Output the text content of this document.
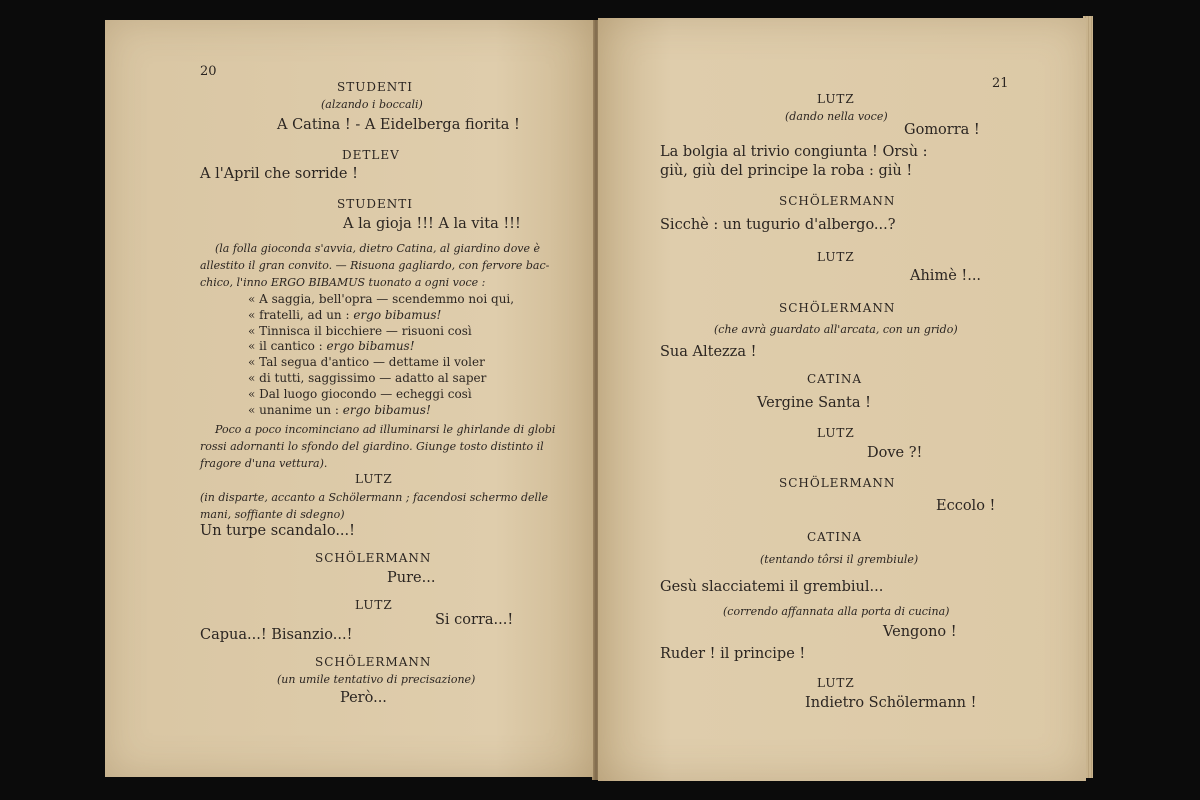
20
STUDENTI
(alzando i boccali)
A Catina ! - A Eidelberga fiorita !
DETLEV
A l'April che sorride !
STUDENTI
A la gioja !!! A la vita !!!
(la folla gioconda s'avvia, dietro Catina, al giardino dove è
allestito il gran convito. — Risuona gagliardo, con fervore bac-
chico, l'inno ERGO BIBAMUS tuonato a ogni voce :
« A saggia, bell'opra — scendemmo noi qui,
« fratelli, ad un : ergo bibamus!
« Tinnisca il bicchiere — risuoni così
« il cantico : ergo bibamus!
« Tal segua d'antico — dettame il voler
« di tutti, saggissimo — adatto al saper
« Dal luogo giocondo — echeggi così
« unanime un : ergo bibamus!
Poco a poco incominciano ad illuminarsi le ghirlande di globi
rossi adornanti lo sfondo del giardino. Giunge tosto distinto il
fragore d'una vettura).
LUTZ
(in disparte, accanto a Schölermann ; facendosi schermo delle
mani, soffiante di sdegno)
Un turpe scandalo...!
SCHÖLERMANN
Pure...
LUTZ
Si corra...!
Capua...! Bisanzio...!
SCHÖLERMANN
(un umile tentativo di precisazione)
Però...
21
LUTZ
(dando nella voce)
Gomorra !
La bolgia al trivio congiunta ! Orsù :
giù, giù del principe la roba : giù !
SCHÖLERMANN
Sicchè : un tugurio d'albergo...?
LUTZ
Ahimè !...
SCHÖLERMANN
(che avrà guardato all'arcata, con un grido)
Sua Altezza !
CATINA
Vergine Santa !
LUTZ
Dove ?!
SCHÖLERMANN
Eccolo !
CATINA
(tentando tôrsi il grembiule)
Gesù slacciatemi il grembiul...
(correndo affannata alla porta di cucina)
Vengono !
Ruder ! il principe !
LUTZ
Indietro Schölermann !
